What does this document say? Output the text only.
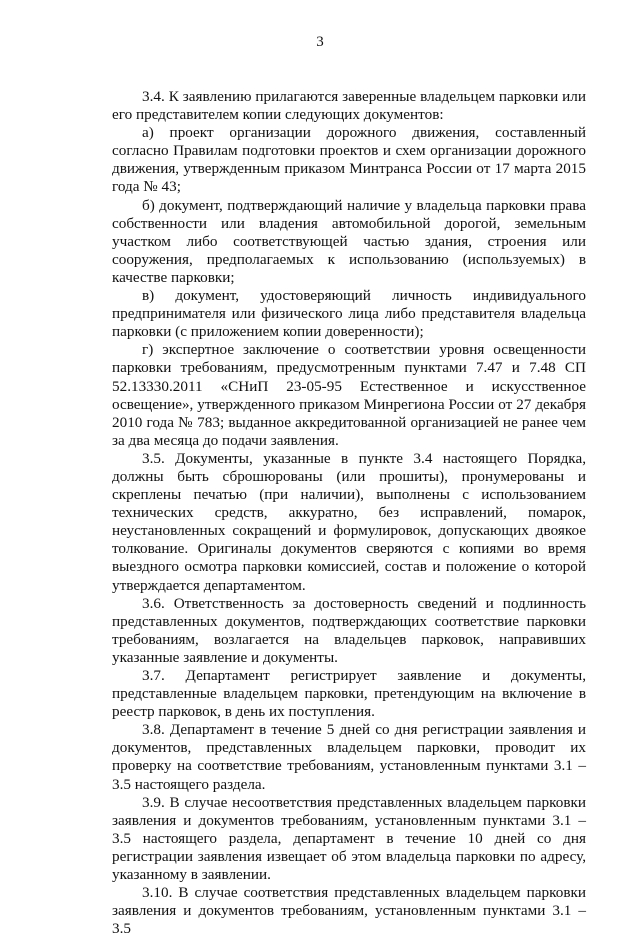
3

3.4. К заявлению прилагаются заверенные владельцем парковки или его представителем копии следующих документов:

а) проект организации дорожного движения, составленный согласно Правилам подготовки проектов и схем организации дорожного движения, утвержденным приказом Минтранса России от 17 марта 2015 года № 43;

б) документ, подтверждающий наличие у владельца парковки права собственности или владения автомобильной дорогой, земельным участком либо соответствующей частью здания, строения или сооружения, предполагаемых к использованию (используемых) в качестве парковки;

в) документ, удостоверяющий личность индивидуального предпринимателя или физического лица либо представителя владельца парковки (с приложением копии доверенности);

г) экспертное заключение о соответствии уровня освещенности парковки требованиям, предусмотренным пунктами 7.47 и 7.48 СП 52.13330.2011 «СНиП 23-05-95 Естественное и искусственное освещение», утвержденного приказом Минрегиона России от 27 декабря 2010 года № 783; выданное аккредитованной организацией не ранее чем за два месяца до подачи заявления.

3.5. Документы, указанные в пункте 3.4 настоящего Порядка, должны быть сброшюрованы (или прошиты), пронумерованы и скреплены печатью (при наличии), выполнены с использованием технических средств, аккуратно, без исправлений, помарок, неустановленных сокращений и формулировок, допускающих двоякое толкование. Оригиналы документов сверяются с копиями во время выездного осмотра парковки комиссией, состав и положение о которой утверждается департаментом.

3.6. Ответственность за достоверность сведений и подлинность представленных документов, подтверждающих соответствие парковки требованиям, возлагается на владельцев парковок, направивших указанные заявление и документы.

3.7. Департамент регистрирует заявление и документы, представленные владельцем парковки, претендующим на включение в реестр парковок, в день их поступления.

3.8. Департамент в течение 5 дней со дня регистрации заявления и документов, представленных владельцем парковки, проводит их проверку на соответствие требованиям, установленным пунктами 3.1 – 3.5 настоящего раздела.

3.9. В случае несоответствия представленных владельцем парковки заявления и документов требованиям, установленным пунктами 3.1 – 3.5 настоящего раздела, департамент в течение 10 дней со дня регистрации заявления извещает об этом владельца парковки по адресу, указанному в заявлении.

3.10. В случае соответствия представленных владельцем парковки заявления и документов требованиям, установленным пунктами 3.1 – 3.5
